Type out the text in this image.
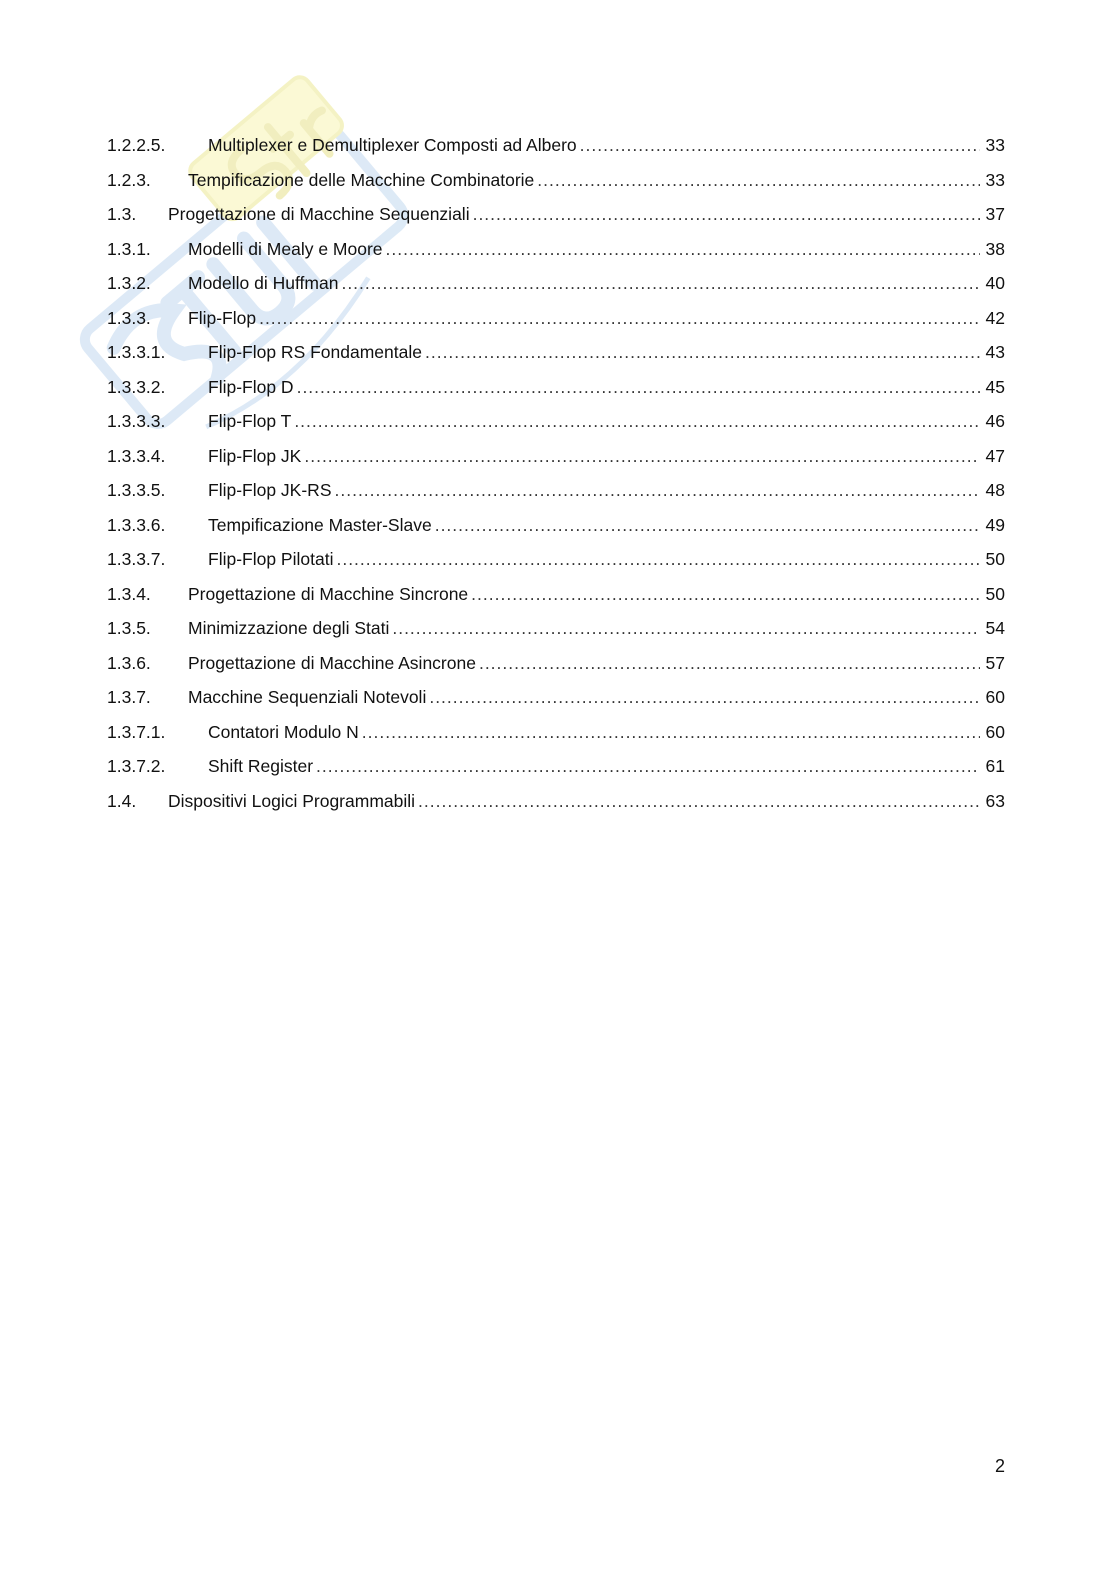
1.2.2.5. Multiplexer e Demultiplexer Composti ad Albero .....	33
1.2.3. Tempificazione delle Macchine Combinatorie .....	33
1.3. Progettazione di Macchine Sequenziali .....	37
1.3.1. Modelli di Mealy e Moore .....	38
1.3.2. Modello di Huffman .....	40
1.3.3. Flip-Flop .....	42
1.3.3.1. Flip-Flop RS Fondamentale .....	43
1.3.3.2. Flip-Flop D .....	45
1.3.3.3. Flip-Flop T .....	46
1.3.3.4. Flip-Flop JK .....	47
1.3.3.5. Flip-Flop JK-RS .....	48
1.3.3.6. Tempificazione Master-Slave .....	49
1.3.3.7. Flip-Flop Pilotati .....	50
1.3.4. Progettazione di Macchine Sincrone .....	50
1.3.5. Minimizzazione degli Stati .....	54
1.3.6. Progettazione di Macchine Asincrone .....	57
1.3.7. Macchine Sequenziali Notevoli .....	60
1.3.7.1. Contatori Modulo N .....	60
1.3.7.2. Shift Register .....	61
1.4. Dispositivi Logici Programmabili .....	63
2
